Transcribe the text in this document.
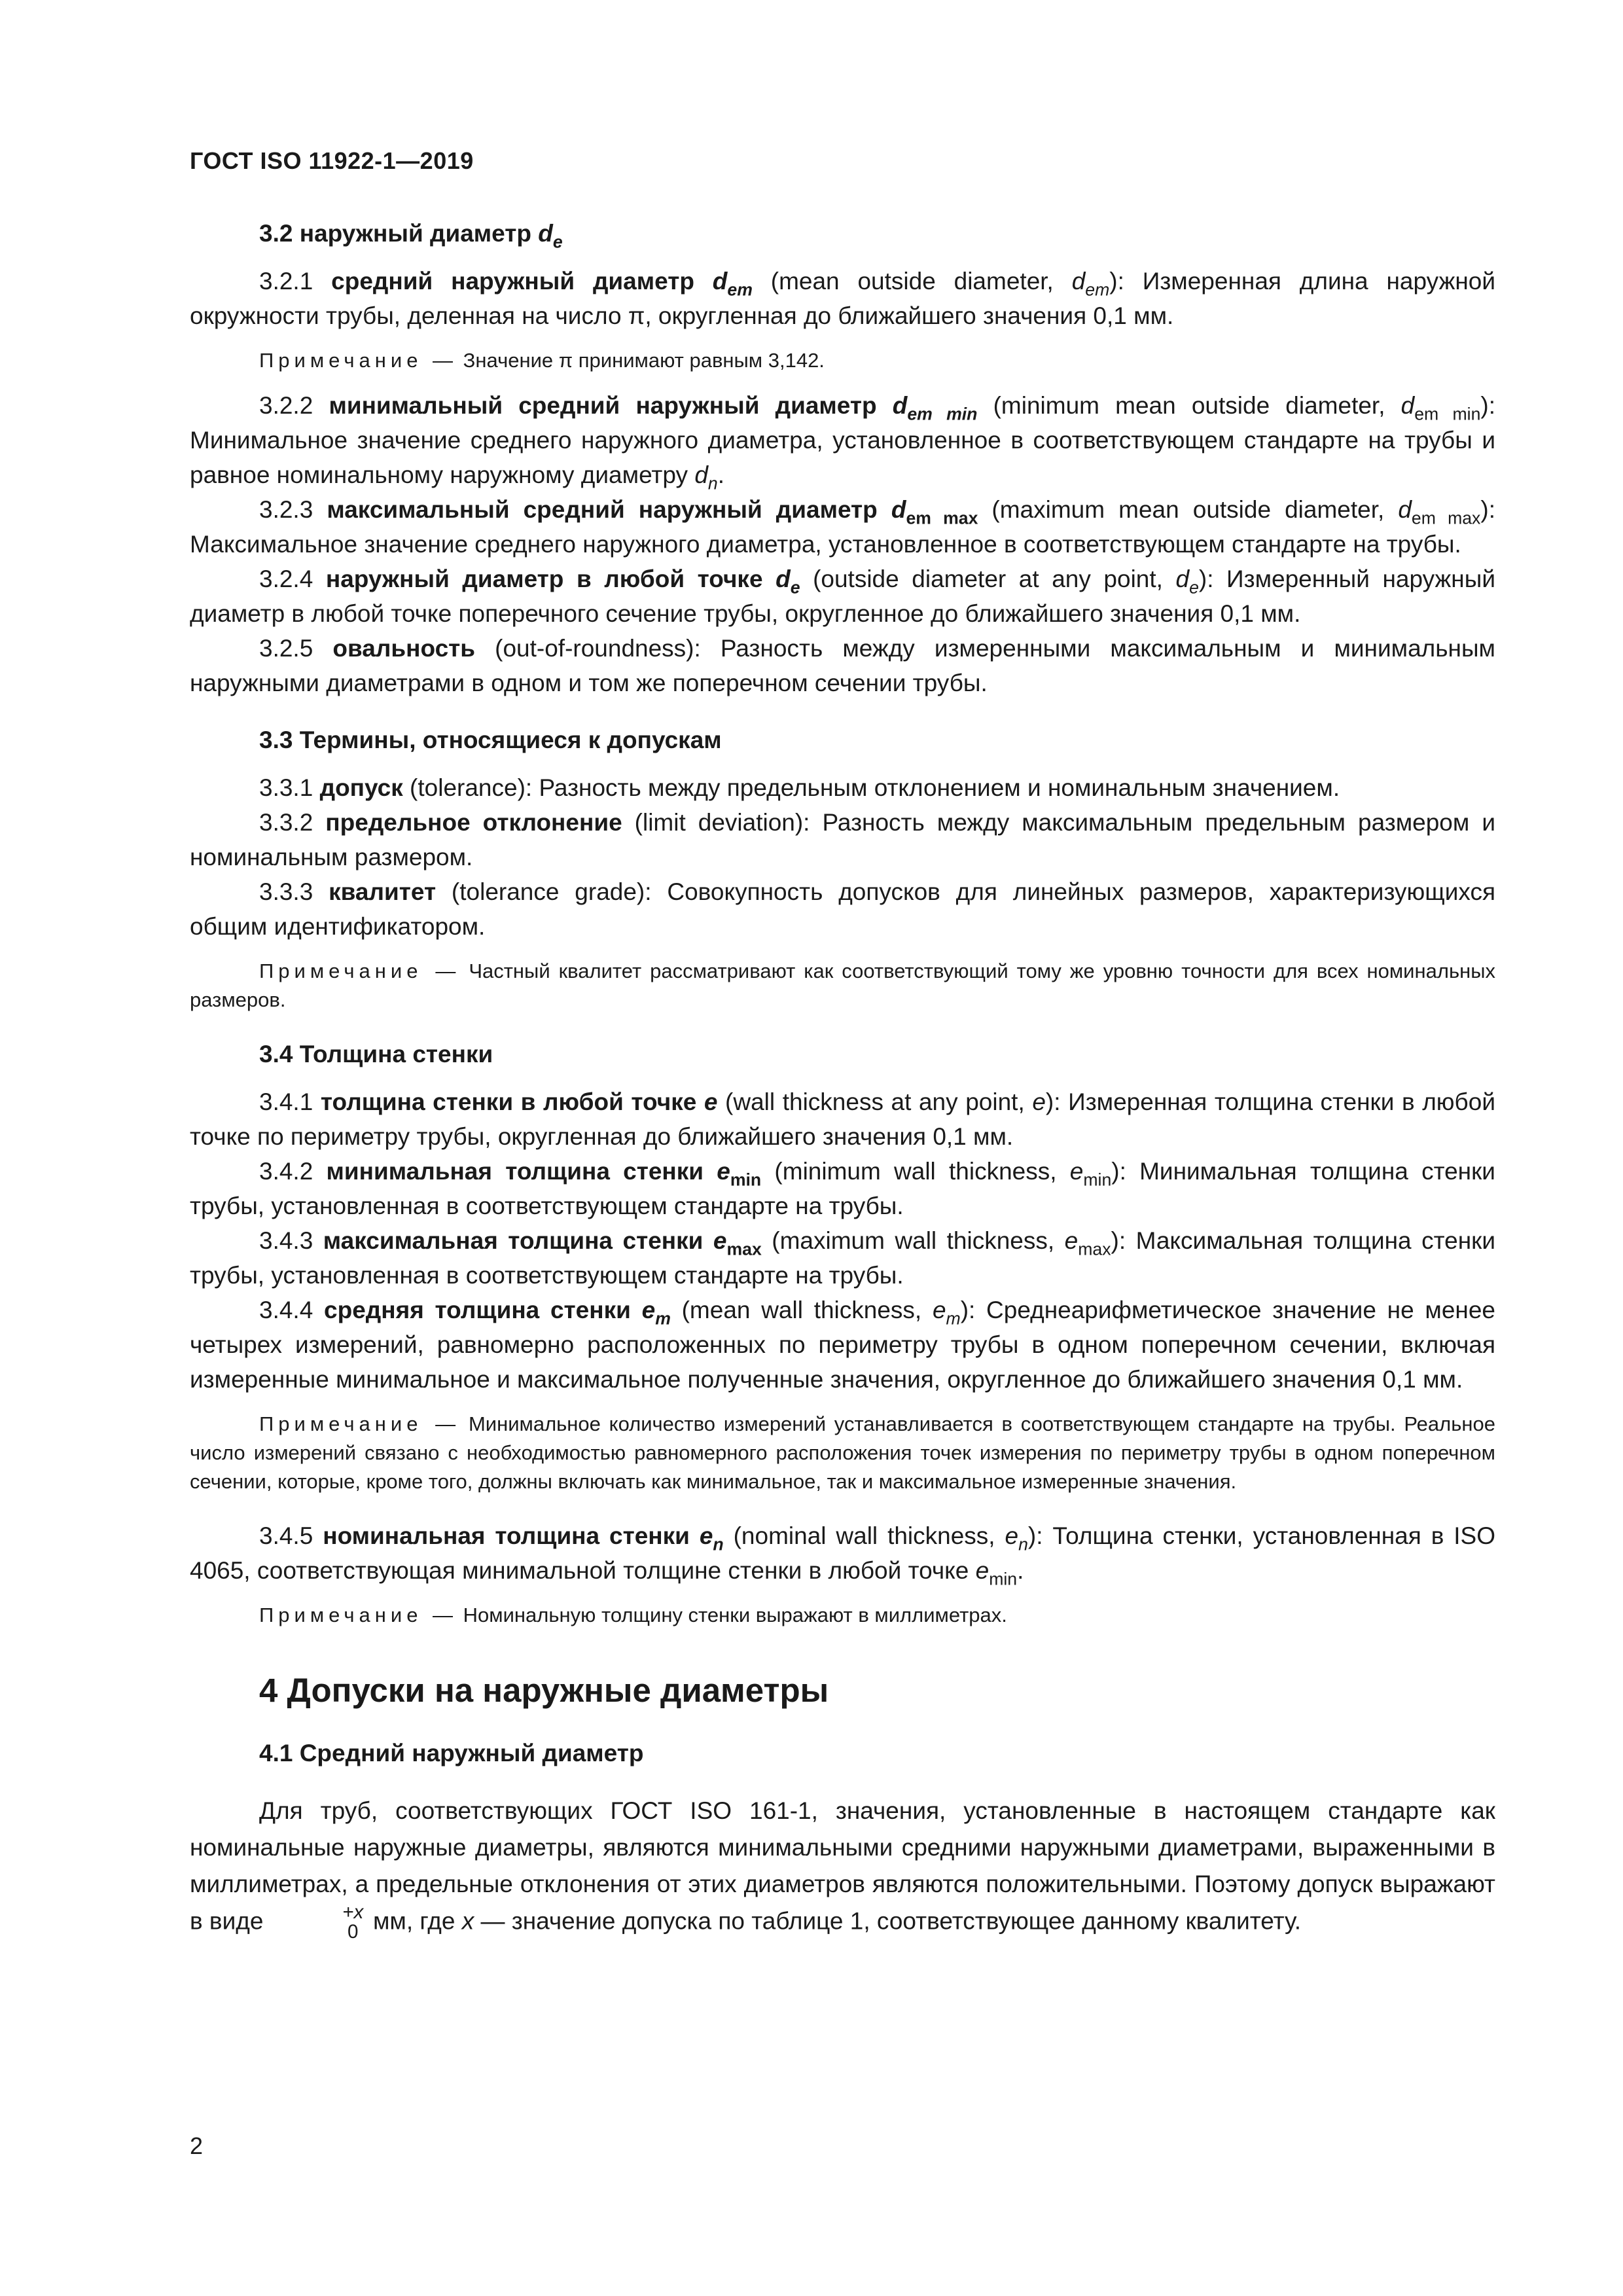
ГОСТ ISO 11922-1—2019
3.2 наружный диаметр $d_e$

3.2.1 средний наружный диаметр $d_{em}$ (mean outside diameter, $d_{em}$): Измеренная длина наружной окружности трубы, деленная на число π, округленная до ближайшего значения 0,1 мм.

Примечание — Значение π принимают равным 3,142.

3.2.2 минимальный средний наружный диаметр $d_{em min}$ (minimum mean outside diameter, $d_{em min}$): Минимальное значение среднего наружного диаметра, установленное в соответствующем стандарте на трубы и равное номинальному наружному диаметру $d_n$.

3.2.3 максимальный средний наружный диаметр $d_{em max}$ (maximum mean outside diameter, $d_{em max}$): Максимальное значение среднего наружного диаметра, установленное в соответствующем стандарте на трубы.

3.2.4 наружный диаметр в любой точке $d_e$ (outside diameter at any point, $d_e$): Измеренный наружный диаметр в любой точке поперечного сечение трубы, округленное до ближайшего значения 0,1 мм.

3.2.5 овальность (out-of-roundness): Разность между измеренными максимальным и минимальным наружными диаметрами в одном и том же поперечном сечении трубы.

3.3 Термины, относящиеся к допускам

3.3.1 допуск (tolerance): Разность между предельным отклонением и номинальным значением.

3.3.2 предельное отклонение (limit deviation): Разность между максимальным предельным размером и номинальным размером.

3.3.3 квалитет (tolerance grade): Совокупность допусков для линейных размеров, характеризующихся общим идентификатором.

Примечание — Частный квалитет рассматривают как соответствующий тому же уровню точности для всех номинальных размеров.
3.4 Толщина стенки

3.4.1 толщина стенки в любой точке e (wall thickness at any point, e): Измеренная толщина стенки в любой точке по периметру трубы, округленная до ближайшего значения 0,1 мм.

3.4.2 минимальная толщина стенки $e_{min}$ (minimum wall thickness, $e_{min}$): Минимальная толщина стенки трубы, установленная в соответствующем стандарте на трубы.

3.4.3 максимальная толщина стенки $e_{max}$ (maximum wall thickness, $e_{max}$): Максимальная толщина стенки трубы, установленная в соответствующем стандарте на трубы.

3.4.4 средняя толщина стенки $e_m$ (mean wall thickness, $e_m$): Среднеарифметическое значение не менее четырех измерений, равномерно расположенных по периметру трубы в одном поперечном сечении, включая измеренные минимальное и максимальное полученные значения, округленное до ближайшего значения 0,1 мм.

Примечание — Минимальное количество измерений устанавливается в соответствующем стандарте на трубы. Реальное число измерений связано с необходимостью равномерного расположения точек измерения по периметру трубы в одном поперечном сечении, которые, кроме того, должны включать как минимальное, так и максимальное измеренные значения.

3.4.5 номинальная толщина стенки $e_n$ (nominal wall thickness, $e_n$): Толщина стенки, установленная в ISO 4065, соответствующая минимальной толщине стенки в любой точке $e_{min}$.

Примечание — Номинальную толщину стенки выражают в миллиметрах.
4 Допуски на наружные диаметры
4.1 Средний наружный диаметр

Для труб, соответствующих ГОСТ ISO 161-1, значения, установленные в настоящем стандарте как номинальные наружные диаметры, являются минимальными средними наружными диаметрами, выраженными в миллиметрах, а предельные отклонения от этих диаметров являются положительными. Поэтому допуск выражают в виде	+x
0 мм, где x — значение допуска по таблице 1, соответствующее данному квалитету.

2
